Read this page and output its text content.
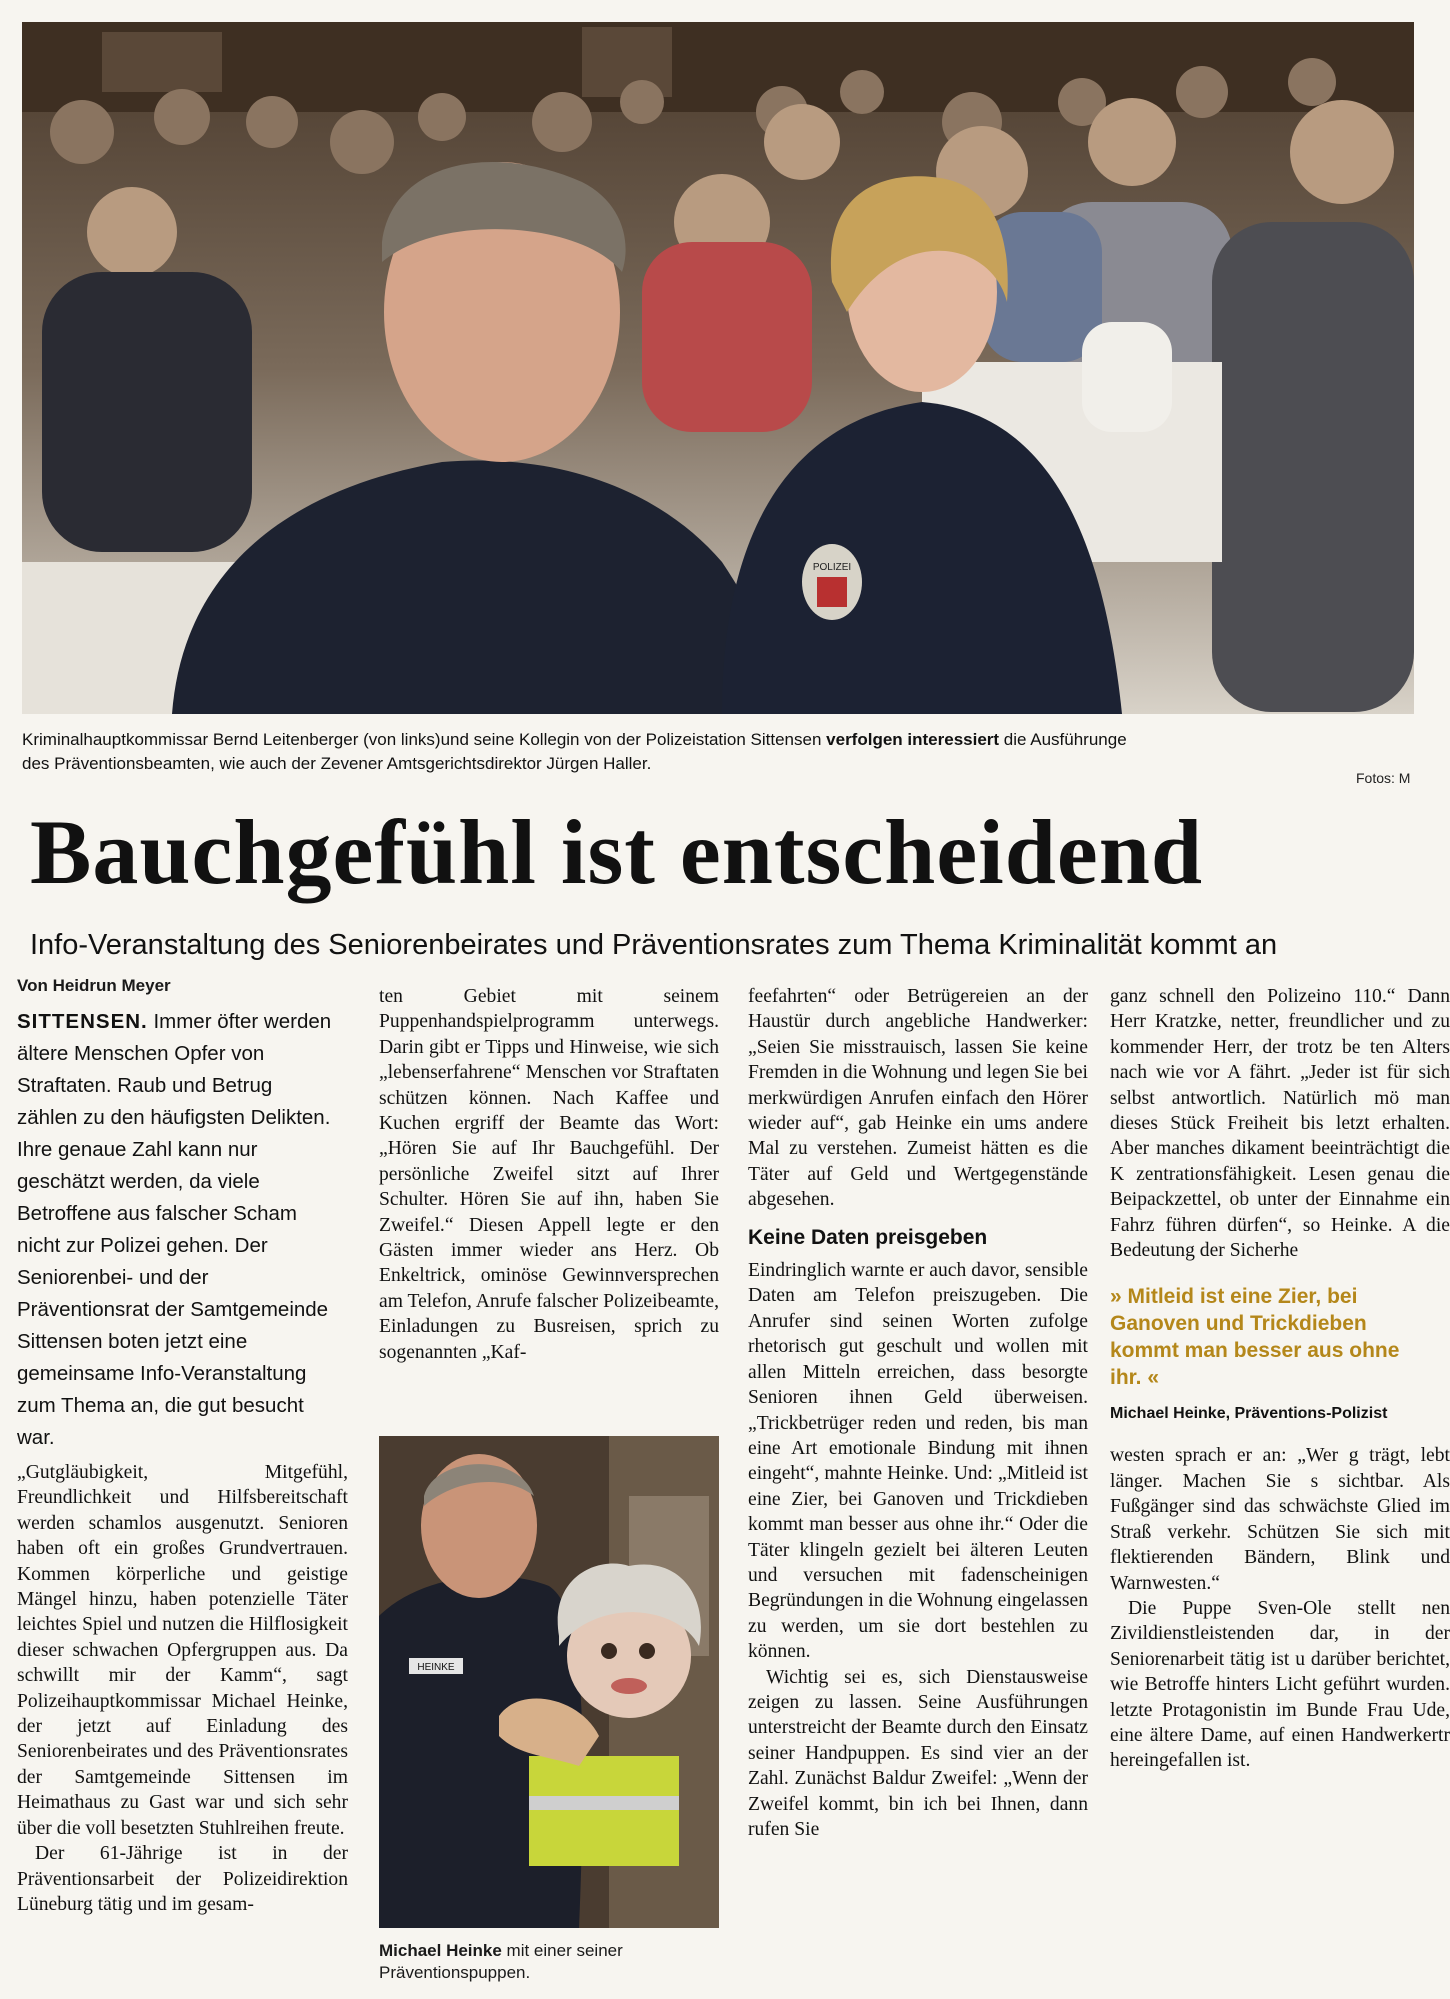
POLIZEI
Kriminalhauptkommissar Bernd Leitenberger (von links)und seine Kollegin von der Polizeistation Sittensen verfolgen interessiert die Ausführunge
des Präventionsbeamten, wie auch der Zevener Amtsgerichtsdirektor Jürgen Haller.
Fotos: M
Bauchgefühl ist entscheidend
Info-Veranstaltung des Seniorenbeirates und Präventionsrates zum Thema Kriminalität kommt an
Von Heidrun Meyer
SITTENSEN. Immer öfter werden ältere Menschen Opfer von Straftaten. Raub und Betrug zählen zu den häufigsten Delikten. Ihre genaue Zahl kann nur geschätzt werden, da viele Betroffene aus falscher Scham nicht zur Polizei gehen. Der Seniorenbei- und der Präventionsrat der Samtgemeinde Sittensen boten jetzt eine gemeinsame Info-Veranstaltung zum Thema an, die gut besucht war.

„Gutgläubigkeit, Mitgefühl, Freundlichkeit und Hilfsbereitschaft werden schamlos ausgenutzt. Senioren haben oft ein großes Grundvertrauen. Kommen körperliche und geistige Mängel hinzu, haben potenzielle Täter leichtes Spiel und nutzen die Hilflosigkeit dieser schwachen Opfergruppen aus. Da schwillt mir der Kamm“, sagt Polizeihauptkommissar Michael Heinke, der jetzt auf Einladung des Seniorenbeirates und des Präventionsrates der Samtgemeinde Sittensen im Heimathaus zu Gast war und sich sehr über die voll besetzten Stuhlreihen freute.

Der 61-Jährige ist in der Präventionsarbeit der Polizeidirektion Lüneburg tätig und im gesam-

ten Gebiet mit seinem Puppenhandspielprogramm unterwegs. Darin gibt er Tipps und Hinweise, wie sich „lebenserfahrene“ Menschen vor Straftaten schützen können. Nach Kaffee und Kuchen ergriff der Beamte das Wort: „Hören Sie auf Ihr Bauchgefühl. Der persönliche Zweifel sitzt auf Ihrer Schulter. Hören Sie auf ihn, haben Sie Zweifel.“ Diesen Appell legte er den Gästen immer wieder ans Herz. Ob Enkeltrick, ominöse Gewinnversprechen am Telefon, Anrufe falscher Polizeibeamte, Einladungen zu Busreisen, sprich zu sogenannten „Kaf-

HEINKE
Michael Heinke mit einer seiner Präventionspuppen.

feefahrten“ oder Betrügereien an der Haustür durch angebliche Handwerker: „Seien Sie misstrauisch, lassen Sie keine Fremden in die Wohnung und legen Sie bei merkwürdigen Anrufen einfach den Hörer wieder auf“, gab Heinke ein ums andere Mal zu verstehen. Zumeist hätten es die Täter auf Geld und Wertgegenstände abgesehen.

Keine Daten preisgeben

Eindringlich warnte er auch davor, sensible Daten am Telefon preiszugeben. Die Anrufer sind seinen Worten zufolge rhetorisch gut geschult und wollen mit allen Mitteln erreichen, dass besorgte Senioren ihnen Geld überweisen. „Trickbetrüger reden und reden, bis man eine Art emotionale Bindung mit ihnen eingeht“, mahnte Heinke. Und: „Mitleid ist eine Zier, bei Ganoven und Trickdieben kommt man besser aus ohne ihr.“ Oder die Täter klingeln gezielt bei älteren Leuten und versuchen mit fadenscheinigen Begründungen in die Wohnung eingelassen zu werden, um sie dort bestehlen zu können.

Wichtig sei es, sich Dienstausweise zeigen zu lassen. Seine Ausführungen unterstreicht der Beamte durch den Einsatz seiner Handpuppen. Es sind vier an der Zahl. Zunächst Baldur Zweifel: „Wenn der Zweifel kommt, bin ich bei Ihnen, dann rufen Sie

ganz schnell den Polizeino 110.“ Dann Herr Kratzke, netter, freundlicher und zu kommender Herr, der trotz be ten Alters nach wie vor A fährt. „Jeder ist für sich selbst antwortlich. Natürlich mö man dieses Stück Freiheit bis letzt erhalten. Aber manches dikament beeinträchtigt die K zentrationsfähigkeit. Lesen genau die Beipackzettel, ob unter der Einnahme ein Fahrz führen dürfen“, so Heinke. A die Bedeutung der Sicherhe

» Mitleid ist eine Zier, bei Ganoven und Trickdieben kommt man besser aus ohne ihr. «
Michael Heinke, Präventions-Polizist

westen sprach er an: „Wer g trägt, lebt länger. Machen Sie s sichtbar. Als Fußgänger sind das schwächste Glied im Straß verkehr. Schützen Sie sich mit flektierenden Bändern, Blink und Warnwesten.“

Die Puppe Sven-Ole stellt nen Zivildienstleistenden dar, in der Seniorenarbeit tätig ist u darüber berichtet, wie Betroffe hinters Licht geführt wurden. letzte Protagonistin im Bunde Frau Ude, eine ältere Dame, auf einen Handwerkertr hereingefallen ist.
